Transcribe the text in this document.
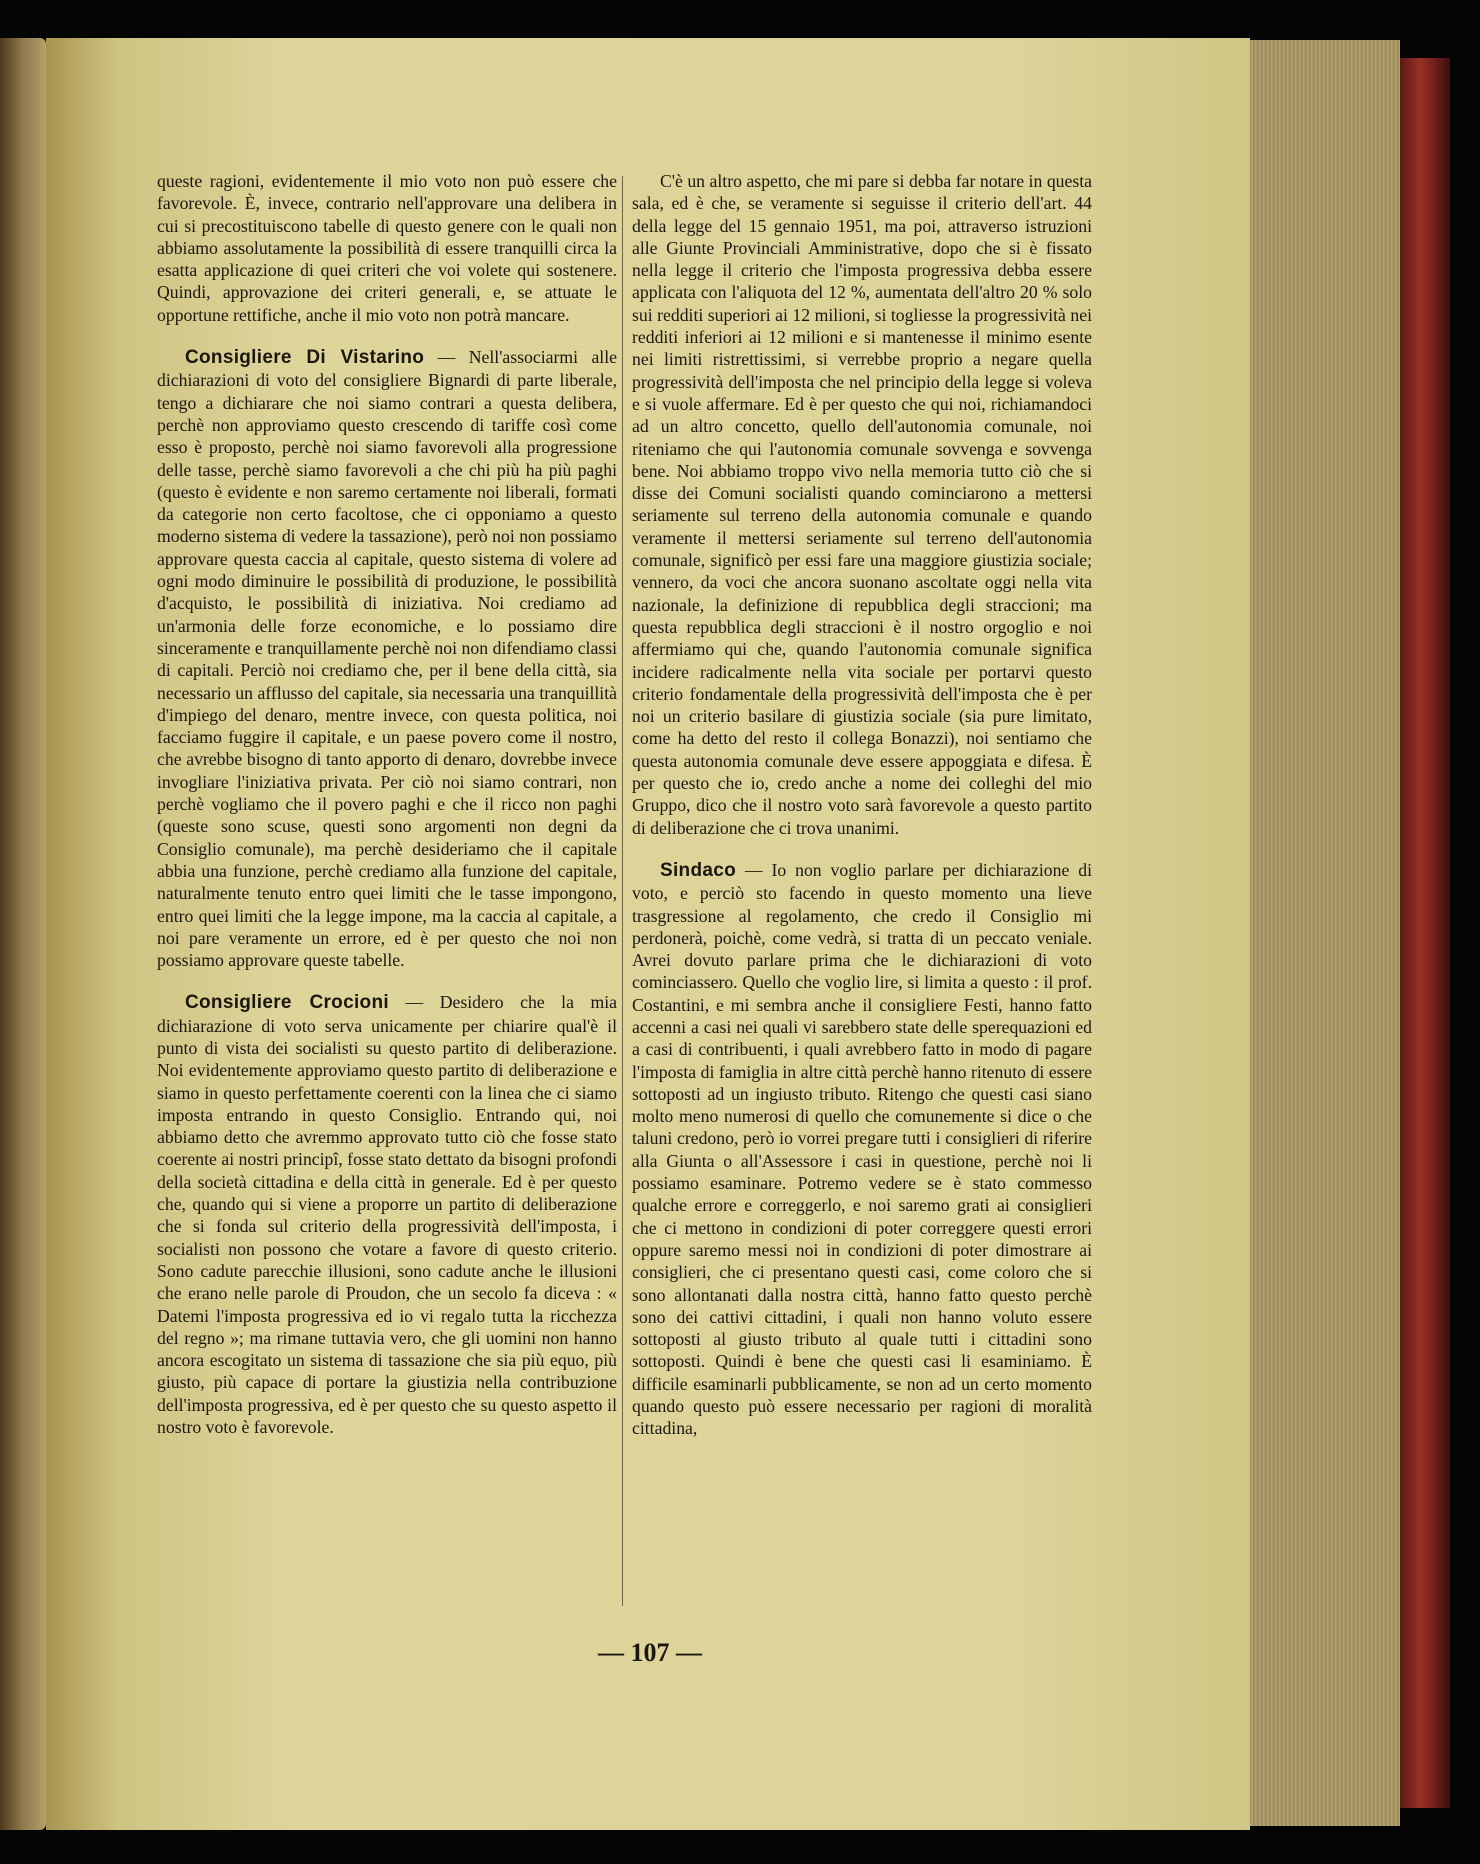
queste ragioni, evidentemente il mio voto non può essere che favorevole. È, invece, contrario nell'approvare una delibera in cui si precostituiscono tabelle di questo genere con le quali non abbiamo assolutamente la possibilità di essere tranquilli circa la esatta applicazione di quei criteri che voi volete qui sostenere. Quindi, approvazione dei criteri generali, e, se attuate le opportune rettifiche, anche il mio voto non potrà mancare.

Consigliere Di Vistarino — Nell'associarmi alle dichiarazioni di voto del consigliere Bignardi di parte liberale, tengo a dichiarare che noi siamo contrari a questa delibera, perchè non approviamo questo crescendo di tariffe così come esso è proposto, perchè noi siamo favorevoli alla progressione delle tasse, perchè siamo favorevoli a che chi più ha più paghi (questo è evidente e non saremo certamente noi liberali, formati da categorie non certo facoltose, che ci opponiamo a questo moderno sistema di vedere la tassazione), però noi non possiamo approvare questa caccia al capitale, questo sistema di volere ad ogni modo diminuire le possibilità di produzione, le possibilità d'acquisto, le possibilità di iniziativa. Noi crediamo ad un'armonia delle forze economiche, e lo possiamo dire sinceramente e tranquillamente perchè noi non difendiamo classi di capitali. Perciò noi crediamo che, per il bene della città, sia necessario un afflusso del capitale, sia necessaria una tranquillità d'impiego del denaro, mentre invece, con questa politica, noi facciamo fuggire il capitale, e un paese povero come il nostro, che avrebbe bisogno di tanto apporto di denaro, dovrebbe invece invogliare l'iniziativa privata. Per ciò noi siamo contrari, non perchè vogliamo che il povero paghi e che il ricco non paghi (queste sono scuse, questi sono argomenti non degni da Consiglio comunale), ma perchè desideriamo che il capitale abbia una funzione, perchè crediamo alla funzione del capitale, naturalmente tenuto entro quei limiti che le tasse impongono, entro quei limiti che la legge impone, ma la caccia al capitale, a noi pare veramente un errore, ed è per questo che noi non possiamo approvare queste tabelle.

Consigliere Crocioni — Desidero che la mia dichiarazione di voto serva unicamente per chiarire qual'è il punto di vista dei socialisti su questo partito di deliberazione. Noi evidentemente approviamo questo partito di deliberazione e siamo in questo perfettamente coerenti con la linea che ci siamo imposta entrando in questo Consiglio. Entrando qui, noi abbiamo detto che avremmo approvato tutto ciò che fosse stato coerente ai nostri principî, fosse stato dettato da bisogni profondi della società cittadina e della città in generale. Ed è per questo che, quando qui si viene a proporre un partito di deliberazione che si fonda sul criterio della progressività dell'imposta, i socialisti non possono che votare a favore di questo criterio. Sono cadute parecchie illusioni, sono cadute anche le illusioni che erano nelle parole di Proudon, che un secolo fa diceva : « Datemi l'imposta progressiva ed io vi regalo tutta la ricchezza del regno »; ma rimane tuttavia vero, che gli uomini non hanno ancora escogitato un sistema di tassazione che sia più equo, più giusto, più capace di portare la giustizia nella contribuzione dell'imposta progressiva, ed è per questo che su questo aspetto il nostro voto è favorevole.

C'è un altro aspetto, che mi pare si debba far notare in questa sala, ed è che, se veramente si seguisse il criterio dell'art. 44 della legge del 15 gennaio 1951, ma poi, attraverso istruzioni alle Giunte Provinciali Amministrative, dopo che si è fissato nella legge il criterio che l'imposta progressiva debba essere applicata con l'aliquota del 12 %, aumentata dell'altro 20 % solo sui redditi superiori ai 12 milioni, si togliesse la progressività nei redditi inferiori ai 12 milioni e si mantenesse il minimo esente nei limiti ristrettissimi, si verrebbe proprio a negare quella progressività dell'imposta che nel principio della legge si voleva e si vuole affermare. Ed è per questo che qui noi, richiamandoci ad un altro concetto, quello dell'autonomia comunale, noi riteniamo che qui l'autonomia comunale sovvenga e sovvenga bene. Noi abbiamo troppo vivo nella memoria tutto ciò che si disse dei Comuni socialisti quando cominciarono a mettersi seriamente sul terreno della autonomia comunale e quando veramente il mettersi seriamente sul terreno dell'autonomia comunale, significò per essi fare una maggiore giustizia sociale; vennero, da voci che ancora suonano ascoltate oggi nella vita nazionale, la definizione di repubblica degli straccioni; ma questa repubblica degli straccioni è il nostro orgoglio e noi affermiamo qui che, quando l'autonomia comunale significa incidere radicalmente nella vita sociale per portarvi questo criterio fondamentale della progressività dell'imposta che è per noi un criterio basilare di giustizia sociale (sia pure limitato, come ha detto del resto il collega Bonazzi), noi sentiamo che questa autonomia comunale deve essere appoggiata e difesa. È per questo che io, credo anche a nome dei colleghi del mio Gruppo, dico che il nostro voto sarà favorevole a questo partito di deliberazione che ci trova unanimi.

Sindaco — Io non voglio parlare per dichiarazione di voto, e perciò sto facendo in questo momento una lieve trasgressione al regolamento, che credo il Consiglio mi perdonerà, poichè, come vedrà, si tratta di un peccato veniale. Avrei dovuto parlare prima che le dichiarazioni di voto cominciassero. Quello che voglio lire, si limita a questo : il prof. Costantini, e mi sembra anche il consigliere Festi, hanno fatto accenni a casi nei quali vi sarebbero state delle sperequazioni ed a casi di contribuenti, i quali avrebbero fatto in modo di pagare l'imposta di famiglia in altre città perchè hanno ritenuto di essere sottoposti ad un ingiusto tributo. Ritengo che questi casi siano molto meno numerosi di quello che comunemente si dice o che taluni credono, però io vorrei pregare tutti i consiglieri di riferire alla Giunta o all'Assessore i casi in questione, perchè noi li possiamo esaminare. Potremo vedere se è stato commesso qualche errore e correggerlo, e noi saremo grati ai consiglieri che ci mettono in condizioni di poter correggere questi errori oppure saremo messi noi in condizioni di poter dimostrare ai consiglieri, che ci presentano questi casi, come coloro che si sono allontanati dalla nostra città, hanno fatto questo perchè sono dei cattivi cittadini, i quali non hanno voluto essere sottoposti al giusto tributo al quale tutti i cittadini sono sottoposti. Quindi è bene che questi casi li esaminiamo. È difficile esaminarli pubblicamente, se non ad un certo momento quando questo può essere necessario per ragioni di moralità cittadina,

— 107 —
